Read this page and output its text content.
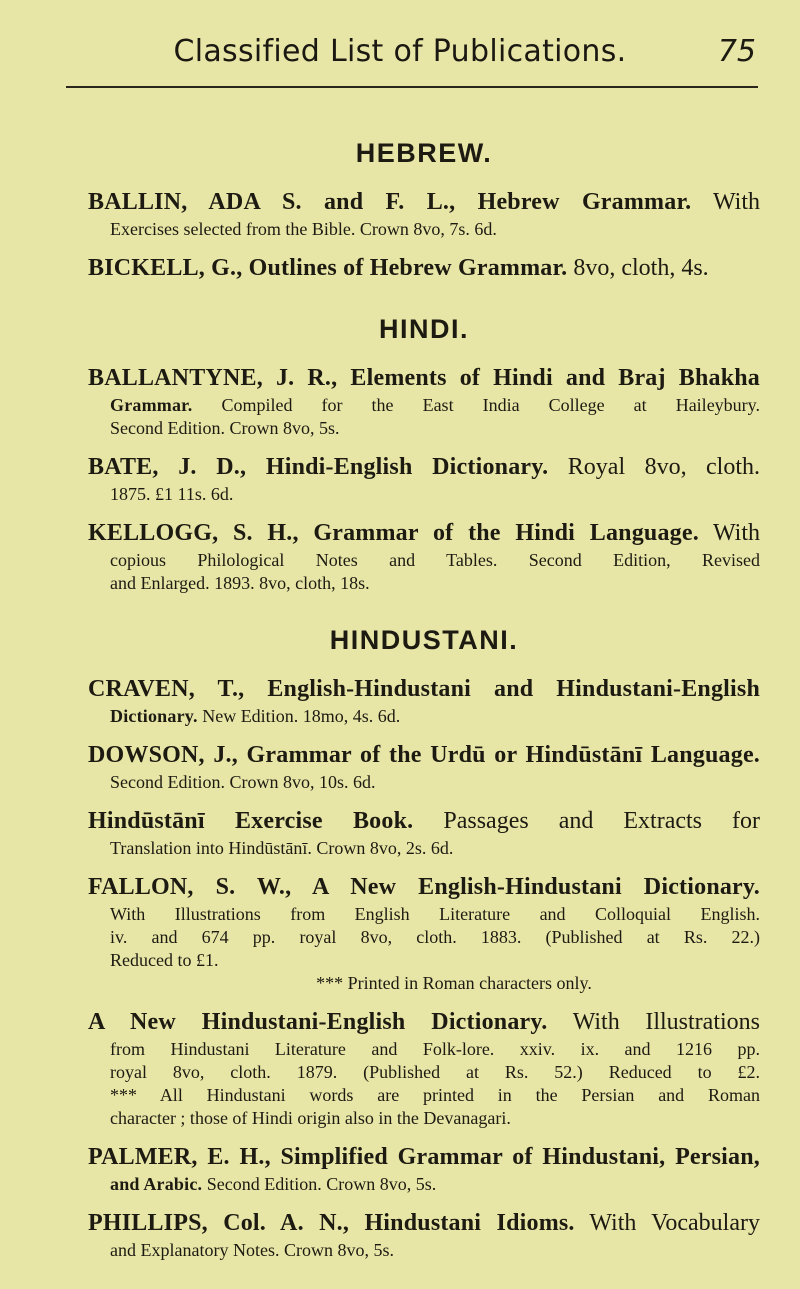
Classified List of Publications.	75
HEBREW.
BALLIN, ADA S. and F. L., Hebrew Grammar. With
Exercises selected from the Bible. Crown 8vo, 7s. 6d.
BICKELL, G., Outlines of Hebrew Grammar. 8vo, cloth, 4s.
HINDI.
BALLANTYNE, J. R., Elements of Hindi and Braj Bhakha
Grammar. Compiled for the East India College at Haileybury.
Second Edition. Crown 8vo, 5s.
BATE, J. D., Hindi-English Dictionary. Royal 8vo, cloth.
1875. £1 11s. 6d.
KELLOGG, S. H., Grammar of the Hindi Language. With
copious Philological Notes and Tables. Second Edition, Revised
and Enlarged. 1893. 8vo, cloth, 18s.
HINDUSTANI.
CRAVEN, T., English-Hindustani and Hindustani-English
Dictionary. New Edition. 18mo, 4s. 6d.
DOWSON, J., Grammar of the Urdū or Hindūstānī Language.
Second Edition. Crown 8vo, 10s. 6d.
Hindūstānī Exercise Book. Passages and Extracts for
Translation into Hindūstānī. Crown 8vo, 2s. 6d.
FALLON, S. W., A New English-Hindustani Dictionary.
With Illustrations from English Literature and Colloquial English.
iv. and 674 pp. royal 8vo, cloth. 1883. (Published at Rs. 22.)
Reduced to £1.
*** Printed in Roman characters only.
A New Hindustani-English Dictionary. With Illustrations
from Hindustani Literature and Folk-lore. xxiv. ix. and 1216 pp.
royal 8vo, cloth. 1879. (Published at Rs. 52.) Reduced to £2.
*** All Hindustani words are printed in the Persian and Roman
character ; those of Hindi origin also in the Devanagari.
PALMER, E. H., Simplified Grammar of Hindustani, Persian,
and Arabic. Second Edition. Crown 8vo, 5s.
PHILLIPS, Col. A. N., Hindustani Idioms. With Vocabulary
and Explanatory Notes. Crown 8vo, 5s.
